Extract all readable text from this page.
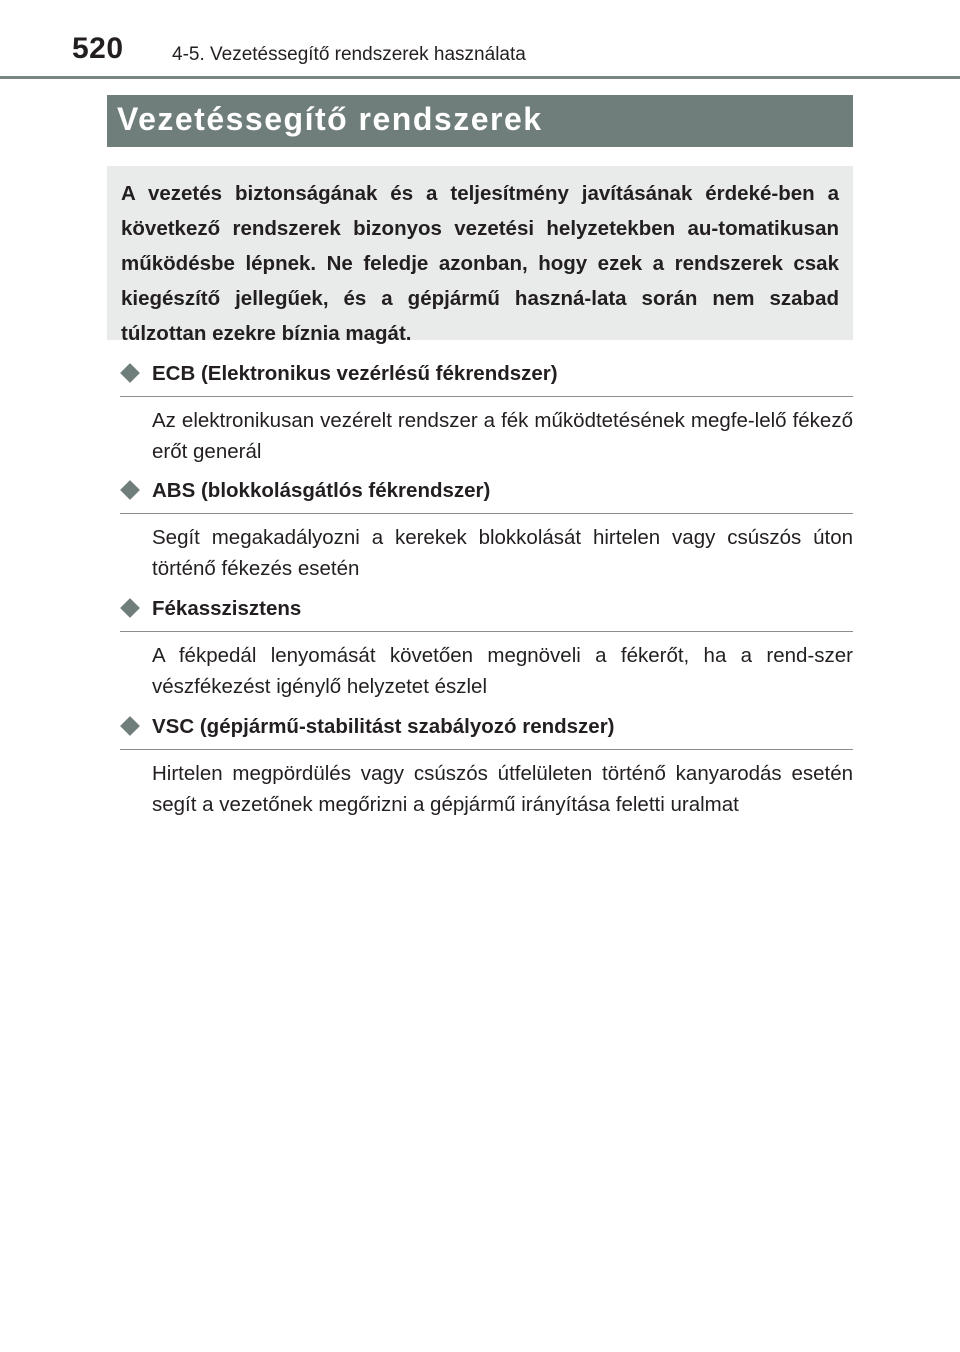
520	4-5. Vezetéssegítő rendszerek használata
Vezetéssegítő rendszerek

A vezetés biztonságának és a teljesítmény javításának érdeké-ben a következő rendszerek bizonyos vezetési helyzetekben au-tomatikusan működésbe lépnek. Ne feledje azonban, hogy ezek a rendszerek csak kiegészítő jellegűek, és a gépjármű haszná-lata során nem szabad túlzottan ezekre bíznia magát.

ECB (Elektronikus vezérlésű fékrendszer)
Az elektronikusan vezérelt rendszer a fék működtetésének megfe-lelő fékező erőt generál
ABS (blokkolásgátlós fékrendszer)
Segít megakadályozni a kerekek blokkolását hirtelen vagy csúszós úton történő fékezés esetén
Fékasszisztens
A fékpedál lenyomását követően megnöveli a fékerőt, ha a rend-szer vészfékezést igénylő helyzetet észlel
VSC (gépjármű-stabilitást szabályozó rendszer)
Hirtelen megpördülés vagy csúszós útfelületen történő kanyarodás esetén segít a vezetőnek megőrizni a gépjármű irányítása feletti uralmat
